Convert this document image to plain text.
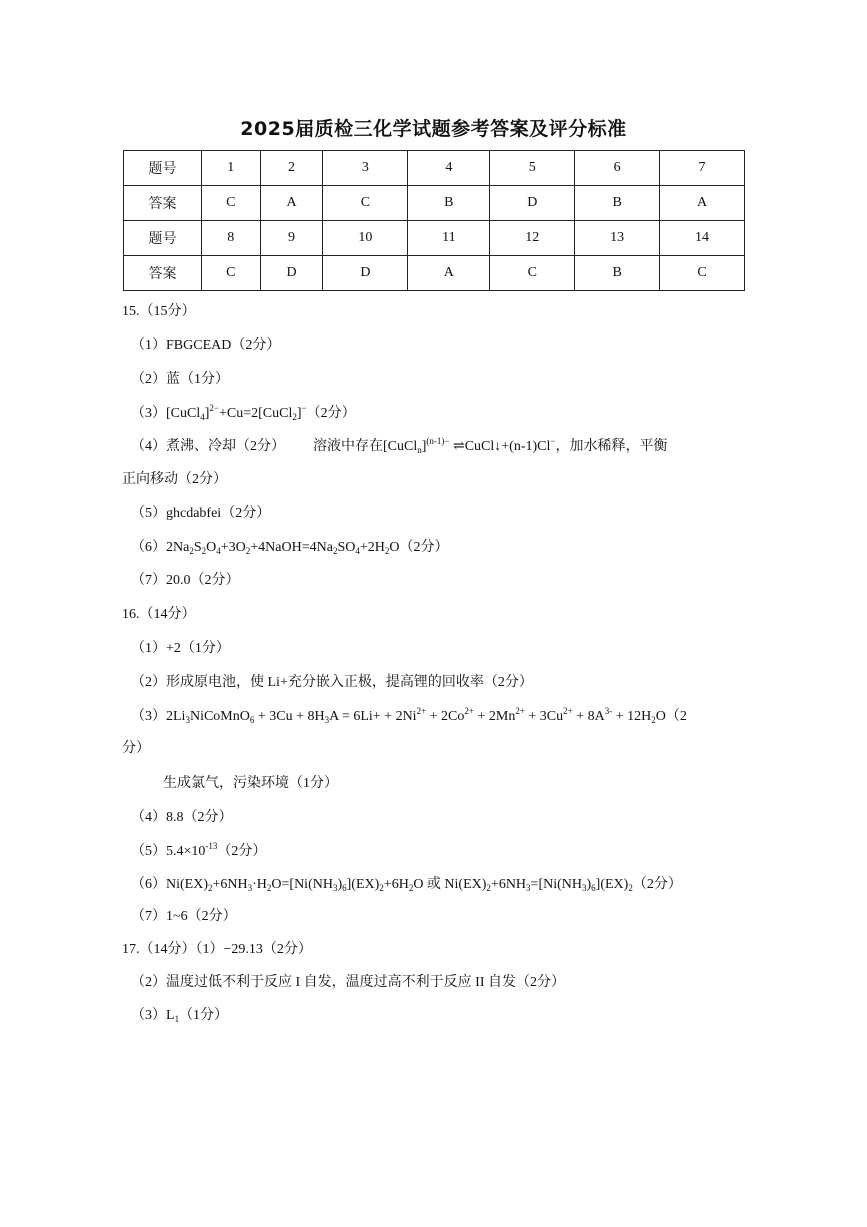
2025届质检三化学试题参考答案及评分标准
题号	1	2	3	4	5	6	7
答案	C	A	C	B	D	B	A
题号	8	9	10	11	12	13	14
答案	C	D	D	A	C	B	C
15.（15分）
（1）FBGCEAD（2分）
（2）蓝（1分）
（3）[CuCl$_4$]$^{2-}$+Cu=2[CuCl$_2$]−（2分）
（4）煮沸、冷却（2分） 溶液中存在[CuCl$_n$]$^{(n-1)-}$ ⇌CuCl↓+(n-1)Cl−，加水稀释，平衡
正向移动（2分）
（5）ghcdabfei（2分）
$(6)2Na_2S_2O_4+3O_2+4NaOH=4Na_2SO_4+2H_2O(2$分）
（7）20.0（2分）
16.（14分）
（1）+2（1分）
（2）形成原电池，使 Li+充分嵌入正极，提高锂的回收率（2分）
$(3)2Li_3NiCoMnO_6 + 3Cu + 8H_3A = 6Li+ + 2Ni^{2+} + 2Co^{2+} + 2Mn^{2+} + 3Cu^{2+} + 8A^{3-} + 12H_2O(2$
分）
生成氯气，污染环境（1分）
（4）8.8（2分）
$(5)5.4\times 10^{-13}(2$分）
$(6)Ni(EX)_2+6NH_3\cdot H_2O=[Ni(NH_3)_6](EX)_2+6H_2O$ 或 $Ni(EX)_2+6NH_3=[Ni(NH_3)_6](EX)_2(2$分）
（7）1~6（2分）
17.（14分）（1）−29.13（2分）
（2）温度过低不利于反应 I 自发，温度过高不利于反应 II 自发（2分）
$(3)L_1(1$分）
